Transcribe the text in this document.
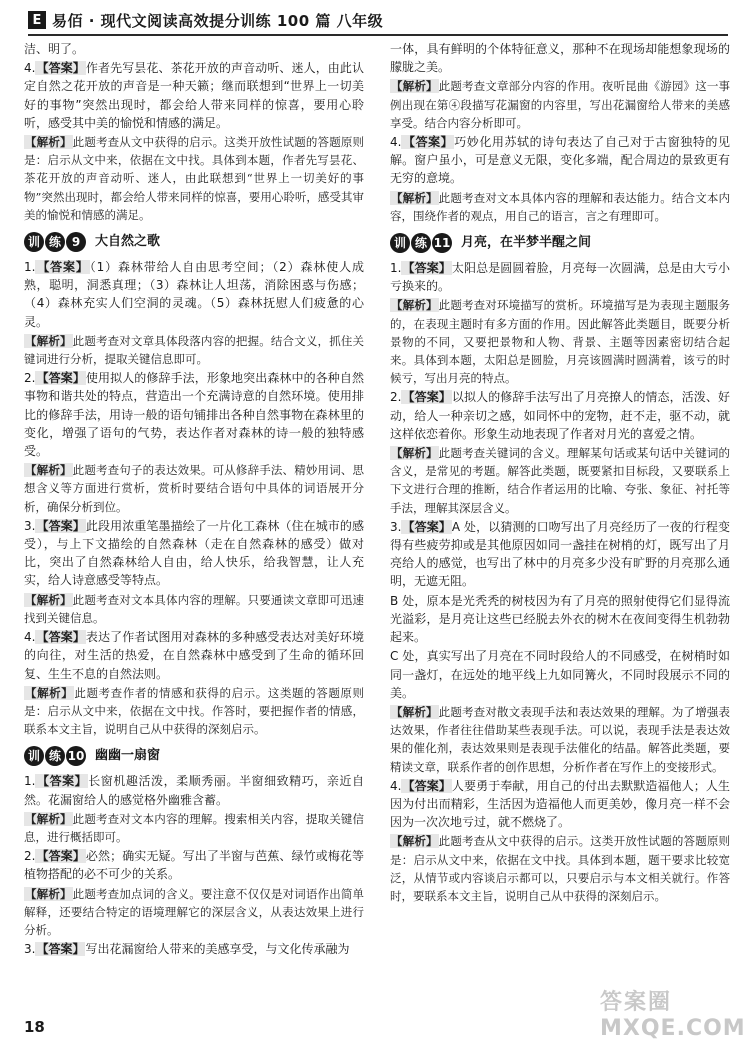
E 易佰 · 现代文阅读高效提分训练 100 篇 八年级

洁、明了。

4.【答案】作者先写昙花、茶花开放的声音动听、迷人，由此认定自然之花开放的声音是一种天籁；继而联想到“世界上一切美好的事物”突然出现时，都会给人带来同样的惊喜，要用心聆听，感受其中美的愉悦和情感的满足。

【解析】此题考查从文中获得的启示。这类开放性试题的答题原则是：启示从文中来，依据在文中找。具体到本题，作者先写昙花、茶花开放的声音动听、迷人，由此联想到“世界上一切美好的事物”突然出现时，都会给人带来同样的惊喜，要用心聆听，感受其审美的愉悦和情感的满足。

训 练 9	大自然之歌

1.【答案】（1）森林带给人自由思考空间；（2）森林使人成熟，聪明，洞悉真理；（3）森林让人坦荡，消除困惑与伤感；（4）森林充实人们空洞的灵魂。（5）森林抚慰人们疲惫的心灵。

【解析】此题考查对文章具体段落内容的把握。结合文义，抓住关键词进行分析，提取关键信息即可。

2.【答案】使用拟人的修辞手法，形象地突出森林中的各种自然事物和谐共处的特点，营造出一个充满诗意的自然环境。使用排比的修辞手法，用诗一般的语句铺排出各种自然事物在森林里的变化，增强了语句的气势，表达作者对森林的诗一般的独特感受。

【解析】此题考查句子的表达效果。可从修辞手法、精妙用词、思想含义等方面进行赏析，赏析时要结合语句中具体的词语展开分析，确保分析到位。

3.【答案】此段用浓重笔墨描绘了一片化工森林（住在城市的感受），与上下文描绘的自然森林（走在自然森林的感受）做对比，突出了自然森林给人自由，给人快乐，给我智慧，让人充实，给人诗意感受等特点。

【解析】此题考查对文本具体内容的理解。只要通读文章即可迅速找到关键信息。

4.【答案】表达了作者试图用对森林的多种感受表达对美好环境的向往，对生活的热爱，在自然森林中感受到了生命的循环回复、生生不息的自然法则。

【解析】此题考查作者的情感和获得的启示。这类题的答题原则是：启示从文中来，依据在文中找。作答时，要把握作者的情感，联系本文主旨，说明自己从中获得的深刻启示。

训 练 10 幽幽一扇窗

1.【答案】长窗机趣活泼，柔顺秀丽。半窗细致精巧，亲近自然。花漏窗给人的感觉格外幽雅含蓄。

【解析】此题考查对文本内容的理解。搜索相关内容，提取关键信息，进行概括即可。

2.【答案】必然；确实无疑。写出了半窗与芭蕉、绿竹或梅花等植物搭配的必不可少的关系。

【解析】此题考查加点词的含义。要注意不仅仅是对词语作出简单解释，还要结合特定的语境理解它的深层含义，从表达效果上进行分析。

3.【答案】写出花漏窗给人带来的美感享受，与文化传承融为

一体，具有鲜明的个体特征意义，那种不在现场却能想象现场的朦胧之美。

【解析】此题考查文章部分内容的作用。夜听昆曲《游园》这一事例出现在第④段描写花漏窗的内容里，写出花漏窗给人带来的美感享受。结合内容分析即可。

4.【答案】巧妙化用苏轼的诗句表达了自己对于古窗独特的见解。窗户虽小，可是意义无限，变化多端，配合周边的景致更有无穷的意境。

【解析】此题考查对文本具体内容的理解和表达能力。结合文本内容，围绕作者的观点，用自己的语言，言之有理即可。

训 练 11 月亮，在半梦半醒之间

1.【答案】太阳总是圆圆着脸，月亮每一次圆满，总是由大亏小亏换来的。

【解析】此题考查对环境描写的赏析。环境描写是为表现主题服务的，在表现主题时有多方面的作用。因此解答此类题目，既要分析景物的不同，又要把景物和人物、背景、主题等因素密切结合起来。具体到本题，太阳总是圆脸，月亮该圆满时圆满着，该亏的时候亏，写出月亮的特点。

2.【答案】以拟人的修辞手法写出了月亮撩人的情态，活泼、好动，给人一种亲切之感，如同怀中的宠物，赶不走，驱不动，就这样依恋着你。形象生动地表现了作者对月光的喜爱之情。

【解析】此题考查关键词的含义。理解某句话或某句话中关键词的含义，是常见的考题。解答此类题，既要紧扣目标段，又要联系上下文进行合理的推断，结合作者运用的比喻、夸张、象征、衬托等手法，理解其深层含义。

3.【答案】A 处，以猜测的口吻写出了月亮经历了一夜的行程变得有些疲劳抑或是其他原因如同一盏挂在树梢的灯，既写出了月亮给人的感觉，也写出了林中的月亮多少没有旷野的月亮那么通明，无遮无阻。

B 处，原本是光秃秃的树枝因为有了月亮的照射使得它们显得流光溢彩，是月亮让这些已经脱去外衣的树木在夜间变得生机勃勃起来。

C 处，真实写出了月亮在不同时段给人的不同感受，在树梢时如同一盏灯，在远处的地平线上九如同篝火，不同时段展示不同的美。

【解析】此题考查对散文表现手法和表达效果的理解。为了增强表达效果，作者往往借助某些表现手法。可以说，表现手法是表达效果的催化剂，表达效果则是表现手法催化的结晶。解答此类题，要精读文章，联系作者的创作思想，分析作者在写作上的变接形式。

4.【答案】人要勇于奉献，用自己的付出去默默造福他人；人生因为付出而精彩，生活因为造福他人而更美妙，像月亮一样不会因为一次次地亏过，就不燃烧了。

【解析】此题考查从文中获得的启示。这类开放性试题的答题原则是：启示从文中来，依据在文中找。具体到本题，题干要求比较宽泛，从情节或内容谈启示都可以，只要启示与本文相关就行。作答时，要联系本文主旨，说明自己从中获得的深刻启示。

18
答案圈
MXQE.COM
